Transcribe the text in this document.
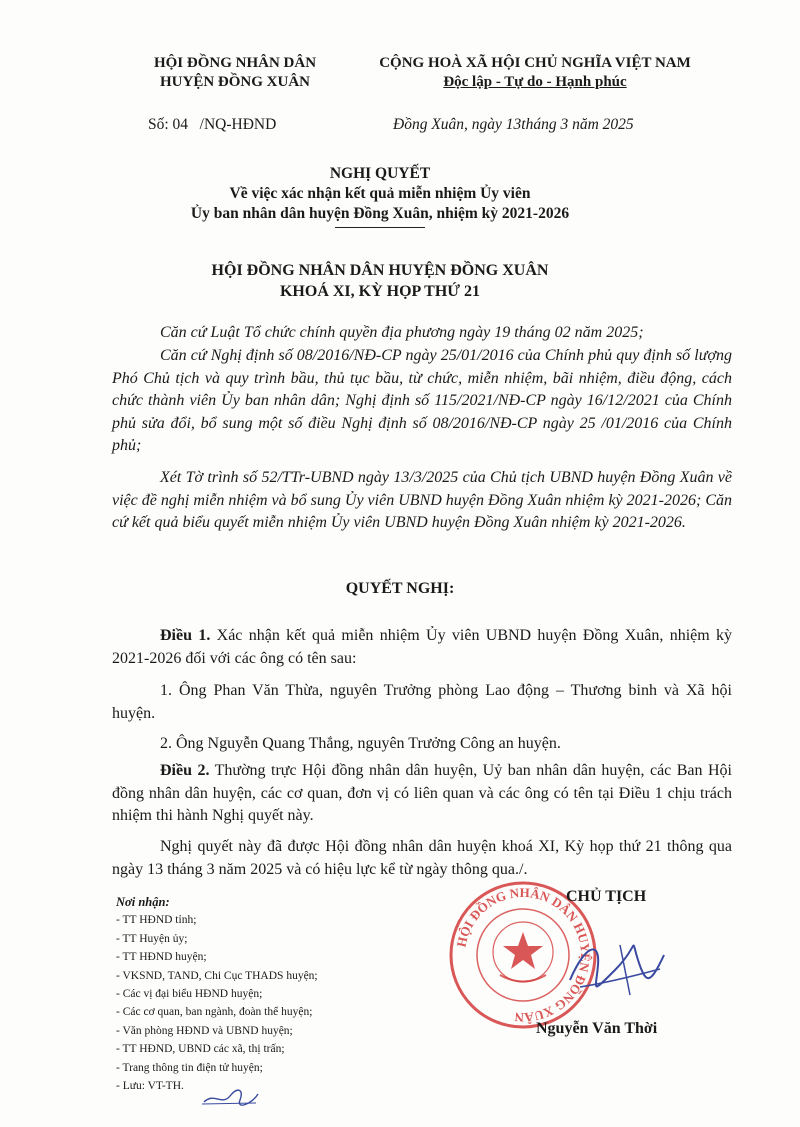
HỘI ĐỒNG NHÂN DÂN
HUYỆN ĐỒNG XUÂN
CỘNG HOÀ XÃ HỘI CHỦ NGHĨA VIỆT NAM
Độc lập - Tự do - Hạnh phúc
Số: 04   /NQ-HĐND	Đồng Xuân, ngày 13tháng 3 năm 2025
NGHỊ QUYẾT
Về việc xác nhận kết quả miễn nhiệm Ủy viên
Ủy ban nhân dân huyện Đồng Xuân, nhiệm kỳ 2021-2026
HỘI ĐỒNG NHÂN DÂN HUYỆN ĐỒNG XUÂN
KHOÁ XI, KỲ HỌP THỨ 21
Căn cứ Luật Tổ chức chính quyền địa phương ngày 19 tháng 02 năm 2025;
Căn cứ Nghị định số 08/2016/NĐ-CP ngày 25/01/2016 của Chính phủ quy định số lượng Phó Chủ tịch và quy trình bầu, thủ tục bầu, từ chức, miễn nhiệm, bãi nhiệm, điều động, cách chức thành viên Ủy ban nhân dân; Nghị định số 115/2021/NĐ-CP ngày 16/12/2021 của Chính phủ sửa đổi, bổ sung một số điều Nghị định số 08/2016/NĐ-CP ngày 25 /01/2016 của Chính phủ;
Xét Tờ trình số 52/TTr-UBND ngày 13/3/2025 của Chủ tịch UBND huyện Đồng Xuân về việc đề nghị miễn nhiệm và bổ sung Ủy viên UBND huyện Đồng Xuân nhiệm kỳ 2021-2026; Căn cứ kết quả biểu quyết miễn nhiệm Ủy viên UBND huyện Đồng Xuân nhiệm kỳ 2021-2026.
QUYẾT NGHỊ:
Điều 1. Xác nhận kết quả miễn nhiệm Ủy viên UBND huyện Đồng Xuân, nhiệm kỳ 2021-2026 đối với các ông có tên sau:
1. Ông Phan Văn Thừa, nguyên Trưởng phòng Lao động – Thương binh và Xã hội huyện.
2. Ông Nguyễn Quang Thắng, nguyên Trưởng Công an huyện.
Điều 2. Thường trực Hội đồng nhân dân huyện, Uỷ ban nhân dân huyện, các Ban Hội đồng nhân dân huyện, các cơ quan, đơn vị có liên quan và các ông có tên tại Điều 1 chịu trách nhiệm thi hành Nghị quyết này.
Nghị quyết này đã được Hội đồng nhân dân huyện khoá XI, Kỳ họp thứ 21 thông qua ngày 13 tháng 3 năm 2025 và có hiệu lực kể từ ngày thông qua./.
Nơi nhận:
- TT HĐND tỉnh;
- TT Huyện ủy;
- TT HĐND huyện;
- VKSND, TAND, Chi Cục THADS huyện;
- Các vị đại biểu HĐND huyện;
- Các cơ quan, ban ngành, đoàn thể huyện;
- Văn phòng HĐND và UBND huyện;
- TT HĐND, UBND các xã, thị trấn;
- Trang thông tin điện tử huyện;
- Lưu: VT-TH.
HỘI ĐỒNG NHÂN DÂN HUYỆN ĐỒNG XUÂN
CHỦ TỊCH
Nguyễn Văn Thời
